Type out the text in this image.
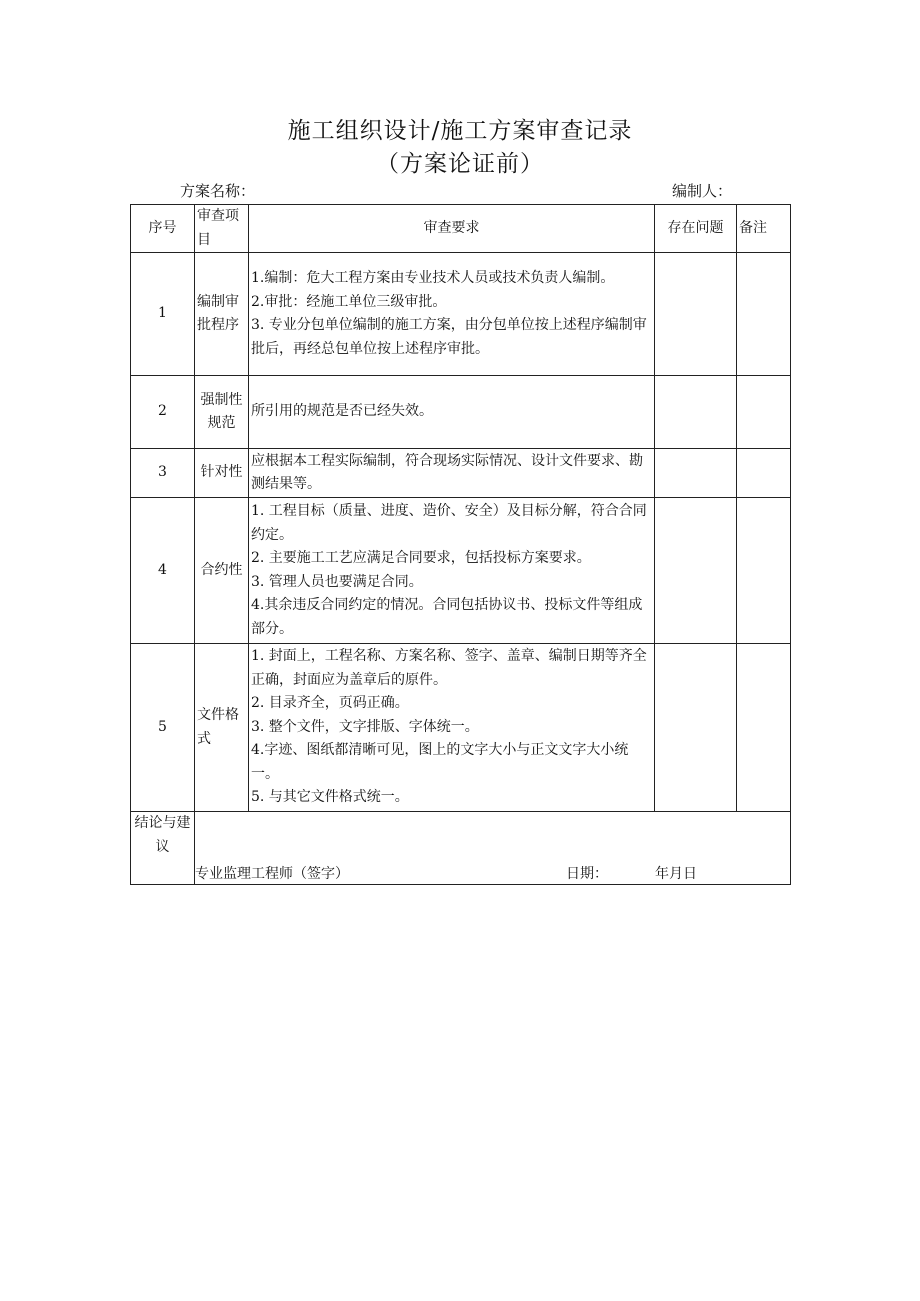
施工组织设计/施工方案审查记录
（方案论证前）
方案名称：	编制人：
序号	审查项目	审查要求	存在问题	备注
1	编制审批程序	1.编制：危大工程方案由专业技术人员或技术负责人编制。
2.审批：经施工单位三级审批。
3. 专业分包单位编制的施工方案，由分包单位按上述程序编制审批后，再经总包单位按上述程序审批。		

2	强制性规范	所引用的规范是否已经失效。		

3	针对性	应根据本工程实际编制，符合现场实际情况、设计文件要求、勘测结果等。		

4	合约性	1. 工程目标（质量、进度、造价、安全）及目标分解，符合合同约定。
2. 主要施工工艺应满足合同要求，包括投标方案要求。
3. 管理人员也要满足合同。
4.其余违反合同约定的情况。合同包括协议书、投标文件等组成部分。		

5	文件格式	1. 封面上，工程名称、方案名称、签字、盖章、编制日期等齐全正确，封面应为盖章后的原件。
2. 目录齐全，页码正确。
3. 整个文件，文字排版、字体统一。
4.字迹、图纸都清晰可见，图上的文字大小与正文文字大小统一。
5. 与其它文件格式统一。		

结论与建议	专业监理工程师（签字） 日期： 年月日			
